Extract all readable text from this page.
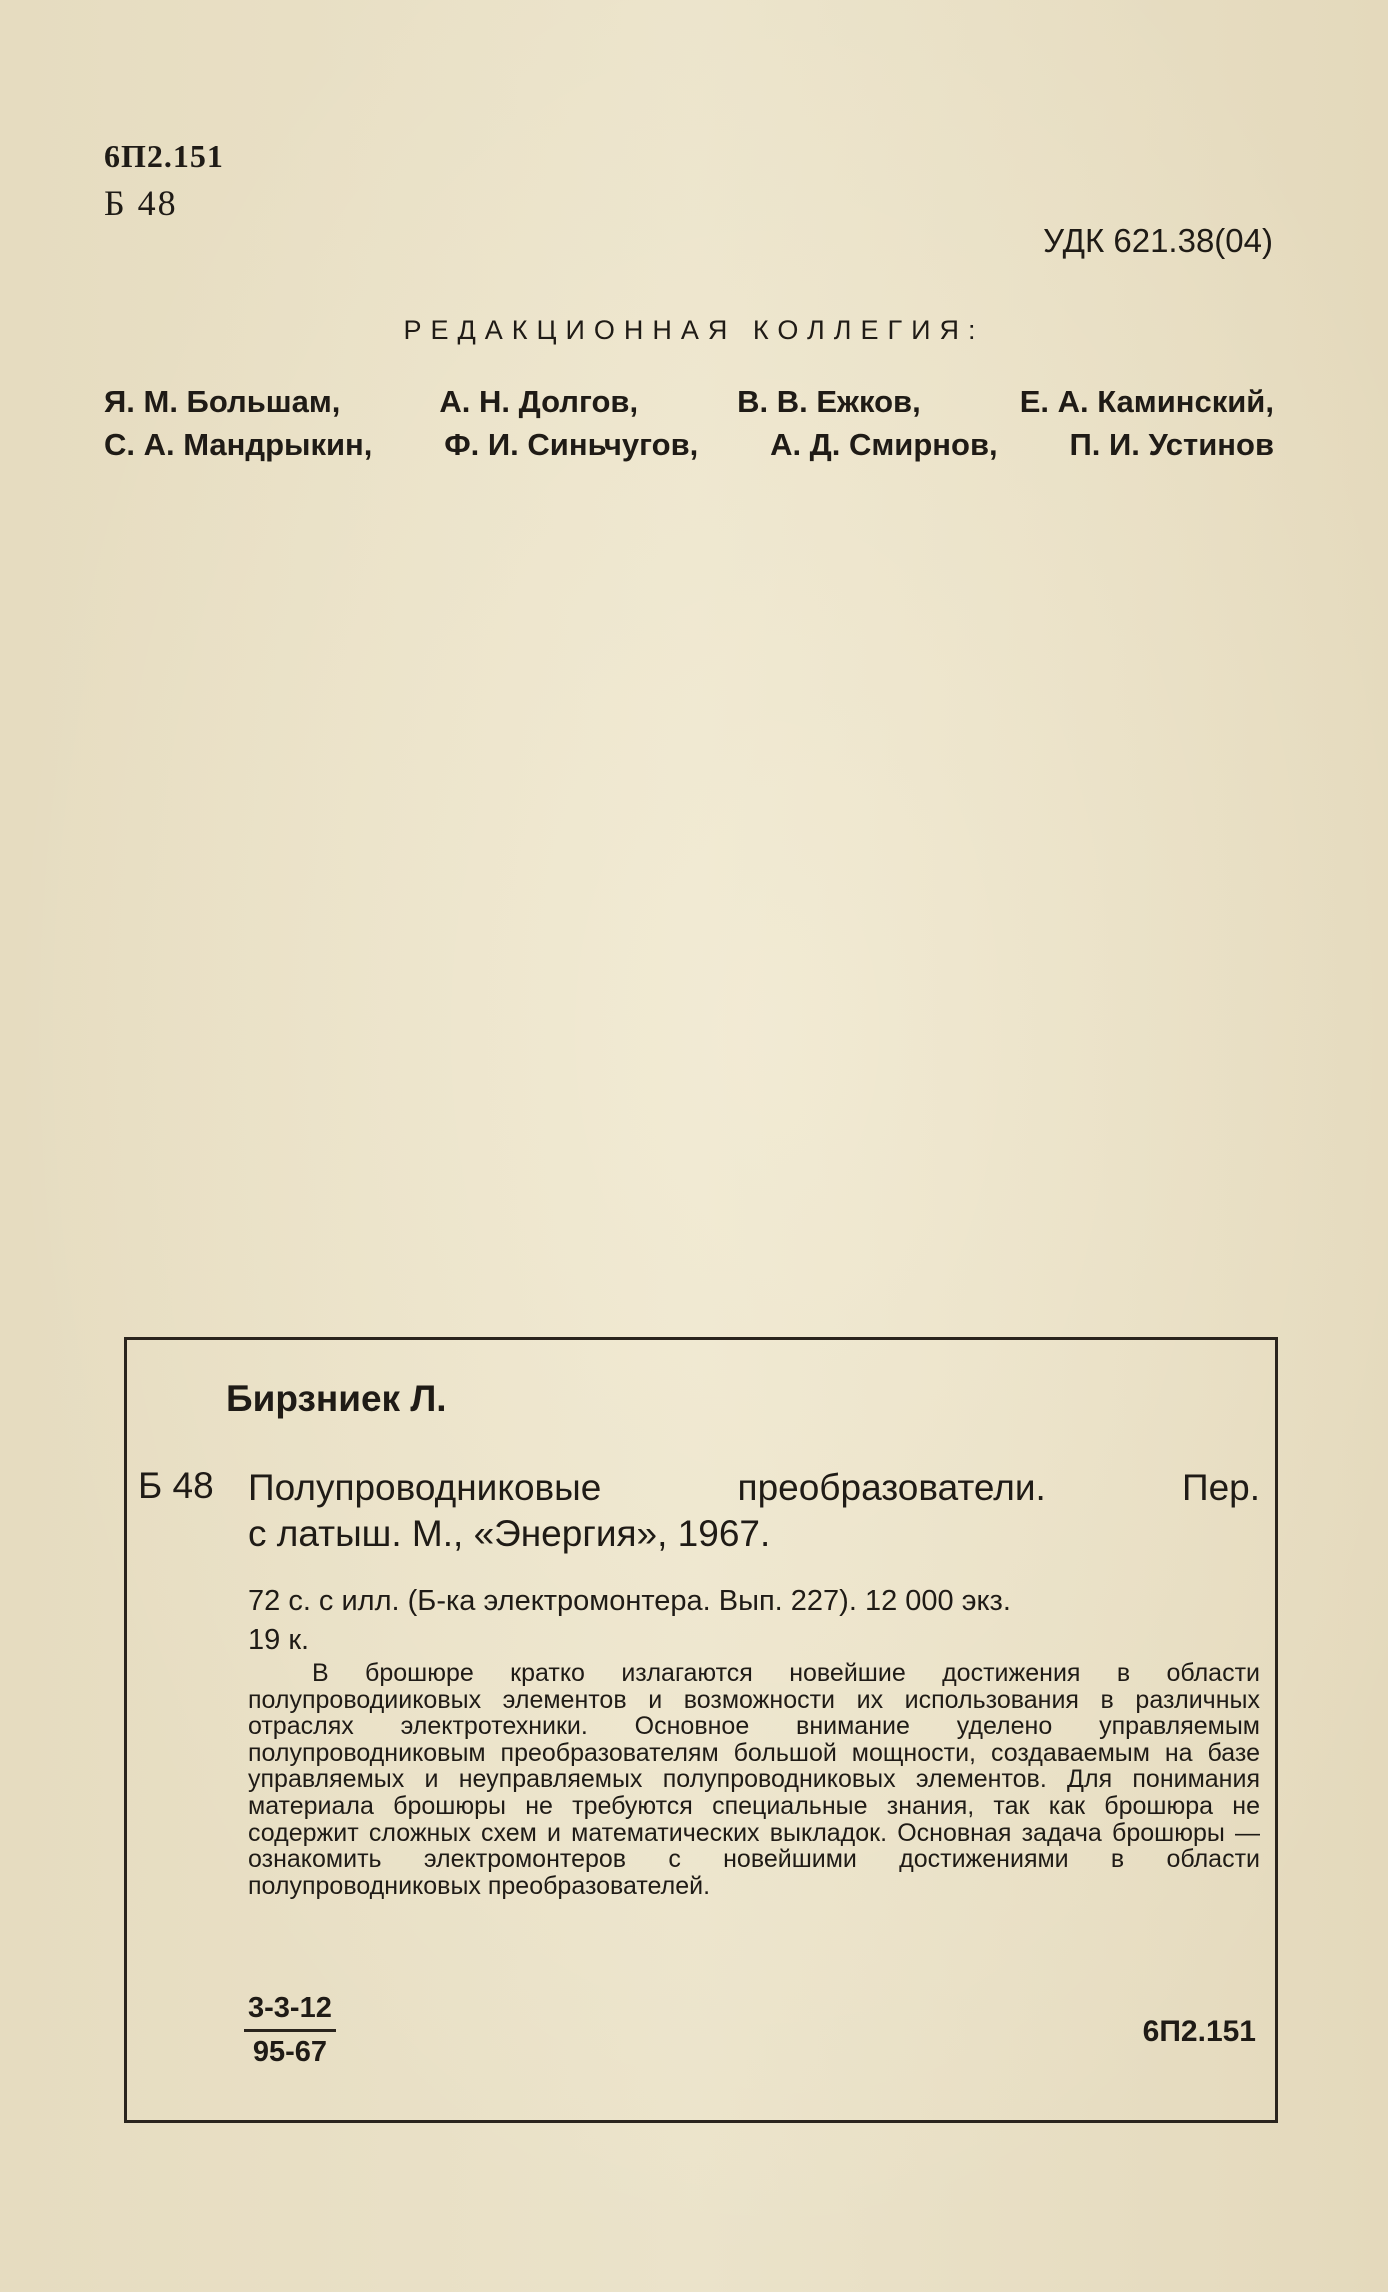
6П2.151
Б 48
УДК 621.38(04)
РЕДАКЦИОННАЯ КОЛЛЕГИЯ:
Я. М. Большам,	А. Н. Долгов,	В. В. Ежков,	Е. А. Каминский,
С. А. Мандрыкин, Ф. И. Синьчугов, А. Д. Смирнов, П. И. Устинов
Бирзниек Л.
Б 48 Полупроводниковые	преобразователи.	Пер.
с латыш. М., «Энергия», 1967.
72 с. с илл. (Б-ка электромонтера. Вып. 227). 12 000 экз.
19 к.
В брошюре кратко излагаются новейшие достижения в области полупроводииковых элементов и возможности их использования в различных отраслях электротехники. Основное внимание уделено управляемым полупроводниковым преобразователям большой мощности, создаваемым на базе управляемых и неуправляемых полупроводниковых элементов. Для понимания материала брошюры не требуются специальные знания, так как брошюра не содержит сложных схем и математических выкладок. Основная задача брошюры — ознакомить электромонтеров с новейшими достижениями в области полупроводниковых преобразователей.
$\frac{3-3-12}{95-67}$	6П2.151
